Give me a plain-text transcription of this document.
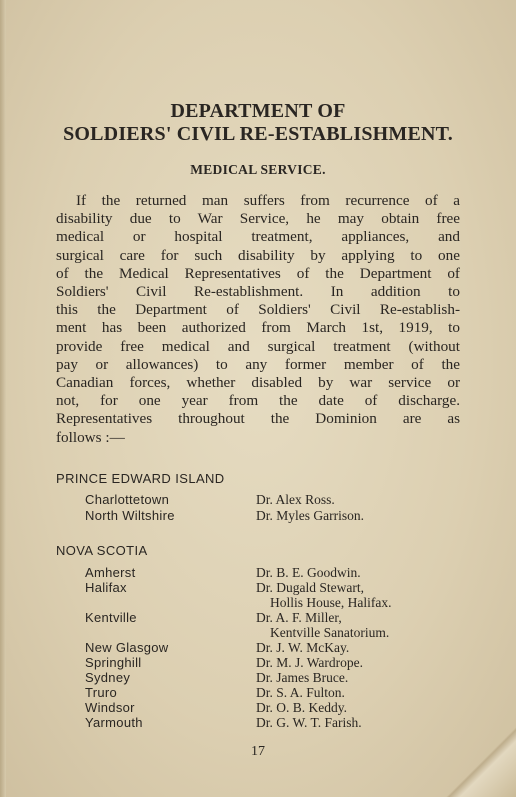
DEPARTMENT OF
SOLDIERS' CIVIL RE-ESTABLISHMENT.
MEDICAL SERVICE.
If the returned man suffers from recurrence of a
disability due to War Service, he may obtain free
medical or hospital treatment, appliances, and
surgical care for such disability by applying to one
of the Medical Representatives of the Department of
Soldiers' Civil Re-establishment. In addition to
this the Department of Soldiers' Civil Re-establish-
ment has been authorized from March 1st, 1919, to
provide free medical and surgical treatment (without
pay or allowances) to any former member of the
Canadian forces, whether disabled by war service or
not, for one year from the date of discharge.
Representatives throughout the Dominion are as
follows :—
PRINCE EDWARD ISLAND
Charlottetown	Dr. Alex Ross.
North Wiltshire	Dr. Myles Garrison.
NOVA SCOTIA
Amherst	Dr. B. E. Goodwin.
Halifax	Dr. Dugald Stewart,
Hollis House, Halifax.
Kentville	Dr. A. F. Miller,
Kentville Sanatorium.
New Glasgow	Dr. J. W. McKay.
Springhill	Dr. M. J. Wardrope.
Sydney	Dr. James Bruce.
Truro	Dr. S. A. Fulton.
Windsor	Dr. O. B. Keddy.
Yarmouth	Dr. G. W. T. Farish.
17
